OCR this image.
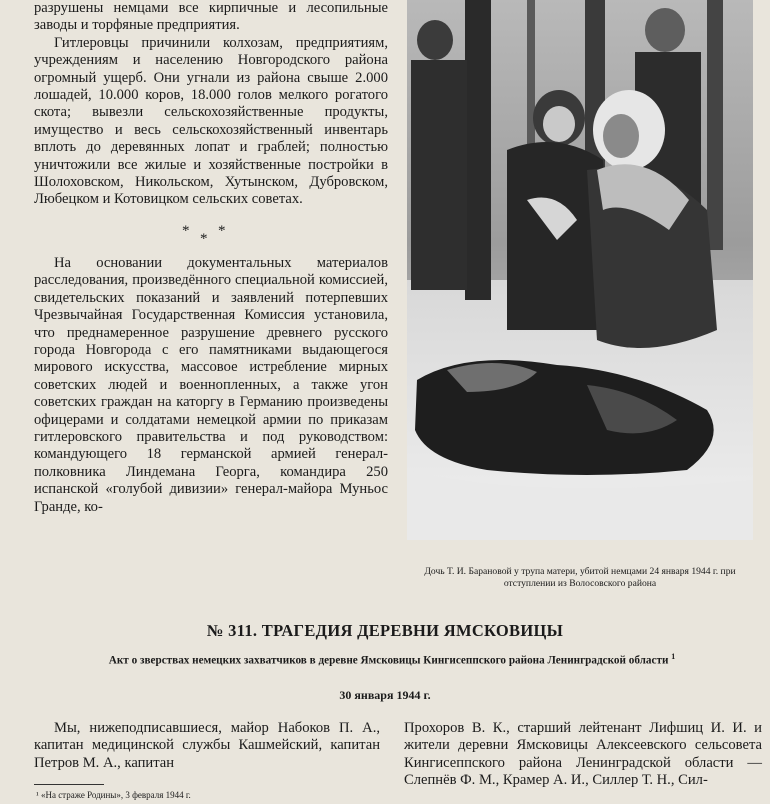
разрушены немцами все кирпичные и лесопильные заводы и торфяные предприятия.

Гитлеровцы причинили колхозам, предприятиям, учреждениям и населению Новгородского района огромный ущерб. Они угнали из района свыше 2.000 лошадей, 10.000 коров, 18.000 голов мелкого рогатого скота; вывезли сельскохозяйственные продукты, имущество и весь сельскохозяйственный инвентарь вплоть до деревянных лопат и граблей; полностью уничтожили все жилые и хозяйственные постройки в Шолоховском, Никольском, Хутынском, Дубровском, Любецком и Котовицком сельских советах.

* * *

На основании документальных материалов расследования, произведённого специальной комиссией, свидетельских показаний и заявлений потерпевших Чрезвычайная Государственная Комиссия установила, что преднамеренное разрушение древнего русского города Новгорода с его памятниками выдающегося мирового искусства, массовое истребление мирных советских людей и военнопленных, а также угон советских граждан на каторгу в Германию произведены офицерами и солдатами немецкой армии по приказам гитлеровского правительства и под руководством: командующего 18 германской армией генерал-полковника Линдемана Георга, командира 250 испанской «голубой дивизии» генерал-майора Муньос Гранде, ко-

Дочь Т. И. Барановой у трупа матери, убитой немцами 24 января 1944 г. при отступлении из Волосовского района
№ 311. ТРАГЕДИЯ ДЕРЕВНИ ЯМСКОВИЦЫ
Акт о зверствах немецких захватчиков в деревне Ямсковицы Кингисеппского района Ленинградской области $^1$
30 января 1944 г.

Мы, нижеподписавшиеся, майор Набоков П. А., капитан медицинской службы Кашмейский, капитан Петров М. А., капитан

Прохоров В. К., старший лейтенант Лифшиц И. И. и жители деревни Ямсковицы Алексеевского сельсовета Кингисеппского района Ленинградской области — Слепнёв Ф. М., Крамер А. И., Силлер Т. Н., Сил-

¹ «На страже Родины», 3 февраля 1944 г.
